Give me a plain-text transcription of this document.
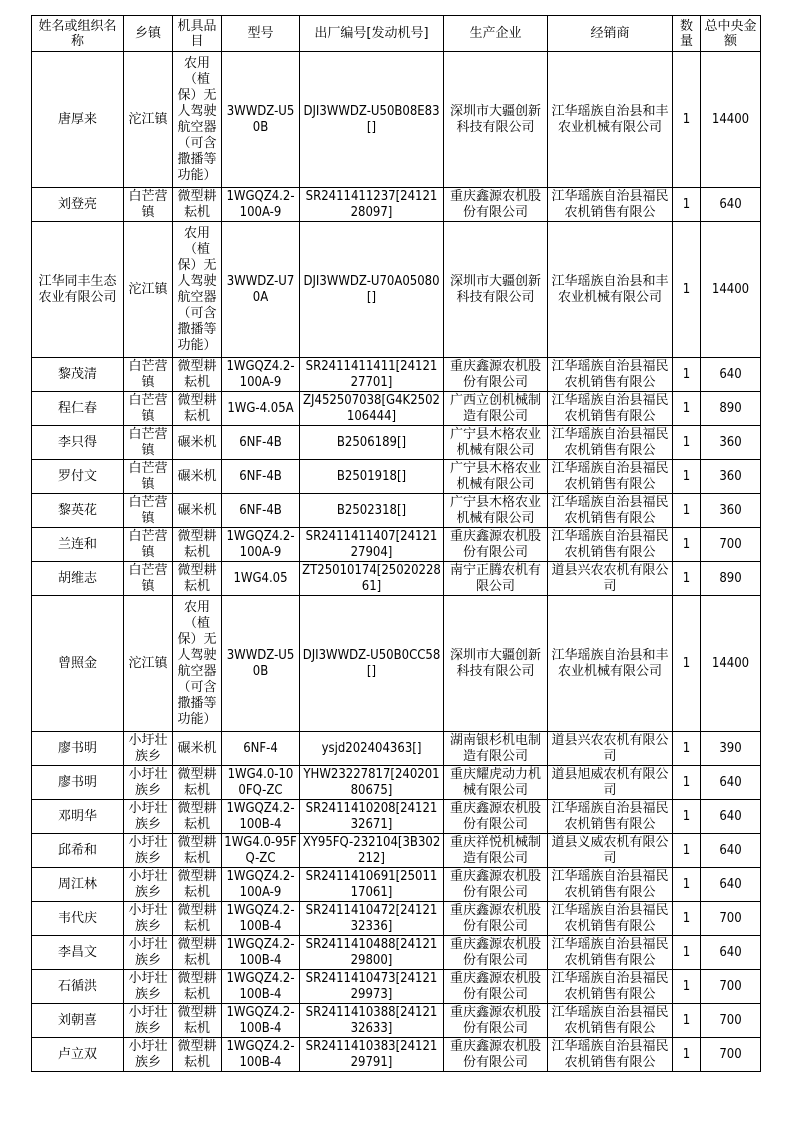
姓名或组织名称	乡镇	机具品目	型号	出厂编号[发动机号]	生产企业	经销商	数量	总中央金额
唐厚来	沱江镇	农用（植保）无人驾驶航空器（可含撒播等功能）	3WWDZ-U50B	DJI3WWDZ-U50B08E83[]	深圳市大疆创新科技有限公司	江华瑶族自治县和丰农业机械有限公司	1	14400
刘登亮	白芒营镇	微型耕耘机	1WGQZ4.2-100A-9	SR2411411237[2412128097]	重庆鑫源农机股份有限公司	江华瑶族自治县福民农机销售有限公	1	640
江华同丰生态农业有限公司	沱江镇	农用（植保）无人驾驶航空器（可含撒播等功能）	3WWDZ-U70A	DJI3WWDZ-U70A05080[]	深圳市大疆创新科技有限公司	江华瑶族自治县和丰农业机械有限公司	1	14400
黎茂清	白芒营镇	微型耕耘机	1WGQZ4.2-100A-9	SR2411411411[2412127701]	重庆鑫源农机股份有限公司	江华瑶族自治县福民农机销售有限公	1	640
程仁春	白芒营镇	微型耕耘机	1WG-4.05A	ZJ452507038[G4K2502106444]	广西立创机械制造有限公司	江华瑶族自治县福民农机销售有限公	1	890
李只得	白芒营镇	碾米机	6NF-4B	B2506189[]	广宁县木格农业机械有限公司	江华瑶族自治县福民农机销售有限公	1	360
罗付文	白芒营镇	碾米机	6NF-4B	B2501918[]	广宁县木格农业机械有限公司	江华瑶族自治县福民农机销售有限公	1	360
黎英花	白芒营镇	碾米机	6NF-4B	B2502318[]	广宁县木格农业机械有限公司	江华瑶族自治县福民农机销售有限公	1	360
兰连和	白芒营镇	微型耕耘机	1WGQZ4.2-100A-9	SR2411411407[2412127904]	重庆鑫源农机股份有限公司	江华瑶族自治县福民农机销售有限公	1	700
胡维志	白芒营镇	微型耕耘机	1WG4.05	ZT25010174[2502022861]	南宁正腾农机有限公司	道县兴农农机有限公司	1	890
曾照金	沱江镇	农用（植保）无人驾驶航空器（可含撒播等功能）	3WWDZ-U50B	DJI3WWDZ-U50B0CC58[]	深圳市大疆创新科技有限公司	江华瑶族自治县和丰农业机械有限公司	1	14400
廖书明	小圩壮族乡	碾米机	6NF-4	ysjd202404363[]	湖南银杉机电制造有限公司	道县兴农农机有限公司	1	390
廖书明	小圩壮族乡	微型耕耘机	1WG4.0-100FQ-ZC	YHW23227817[24020180675]	重庆耀虎动力机械有限公司	道县旭威农机有限公司	1	640
邓明华	小圩壮族乡	微型耕耘机	1WGQZ4.2-100B-4	SR2411410208[2412132671]	重庆鑫源农机股份有限公司	江华瑶族自治县福民农机销售有限公	1	640
邱希和	小圩壮族乡	微型耕耘机	1WG4.0-95FQ-ZC	XY95FQ-232104[3B302212]	重庆祥悦机械制造有限公司	道县义威农机有限公司	1	640
周江林	小圩壮族乡	微型耕耘机	1WGQZ4.2-100A-9	SR2411410691[2501117061]	重庆鑫源农机股份有限公司	江华瑶族自治县福民农机销售有限公	1	640
韦代庆	小圩壮族乡	微型耕耘机	1WGQZ4.2-100B-4	SR2411410472[2412132336]	重庆鑫源农机股份有限公司	江华瑶族自治县福民农机销售有限公	1	700
李昌文	小圩壮族乡	微型耕耘机	1WGQZ4.2-100B-4	SR2411410488[2412129800]	重庆鑫源农机股份有限公司	江华瑶族自治县福民农机销售有限公	1	640
石循洪	小圩壮族乡	微型耕耘机	1WGQZ4.2-100B-4	SR2411410473[2412129973]	重庆鑫源农机股份有限公司	江华瑶族自治县福民农机销售有限公	1	700
刘朝喜	小圩壮族乡	微型耕耘机	1WGQZ4.2-100B-4	SR2411410388[2412132633]	重庆鑫源农机股份有限公司	江华瑶族自治县福民农机销售有限公	1	700
卢立双	小圩壮族乡	微型耕耘机	1WGQZ4.2-100B-4	SR2411410383[2412129791]	重庆鑫源农机股份有限公司	江华瑶族自治县福民农机销售有限公	1	700
